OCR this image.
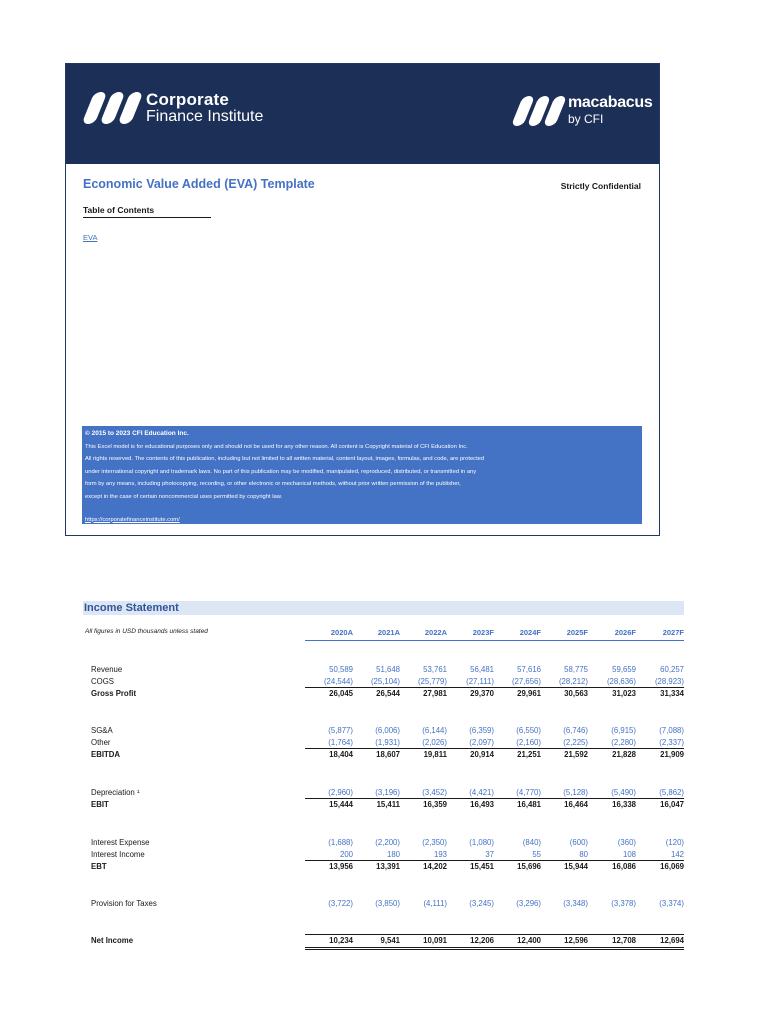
Corporate
Finance Institute
macabacus
by CFI
Economic Value Added (EVA) Template	Strictly Confidential
Table of Contents
EVA
© 2015 to 2023 CFI Education Inc.
This Excel model is for educational purposes only and should not be used for any other reason. All content is Copyright material of CFI Education Inc.
All rights reserved. The contents of this publication, including but not limited to all written material, content layout, images, formulas, and code, are protected
under international copyright and trademark laws. No part of this publication may be modified, manipulated, reproduced, distributed, or transmitted in any
form by any means, including photocopying, recording, or other electronic or mechanical methods, without prior written permission of the publisher,
except in the case of certain noncommercial uses permitted by copyright law.
https://corporatefinanceinstitute.com/
Income Statement
All figures in USD thousands unless stated	2020A	2021A	2022A	2023F	2024F	2025F	2026F	2027F
Revenue	50,589	51,648	53,761	56,481	57,616	58,775	59,659	60,257
COGS	(24,544)	(25,104)	(25,779)	(27,111)	(27,656)	(28,212)	(28,636)	(28,923)
Gross Profit	26,045	26,544	27,981	29,370	29,961	30,563	31,023	31,334
SG&A	(5,877)	(6,006)	(6,144)	(6,359)	(6,550)	(6,746)	(6,915)	(7,088)
Other	(1,764)	(1,931)	(2,026)	(2,097)	(2,160)	(2,225)	(2,280)	(2,337)
EBITDA	18,404	18,607	19,811	20,914	21,251	21,592	21,828	21,909
Depreciation ¹	(2,960)	(3,196)	(3,452)	(4,421)	(4,770)	(5,128)	(5,490)	(5,862)
EBIT	15,444	15,411	16,359	16,493	16,481	16,464	16,338	16,047
Interest Expense	(1,688)	(2,200)	(2,350)	(1,080)	(840)	(600)	(360)	(120)
Interest Income	200	180	193	37	55	80	108	142
EBT	13,956	13,391	14,202	15,451	15,696	15,944	16,086	16,069
Provision for Taxes	(3,722)	(3,850)	(4,111)	(3,245)	(3,296)	(3,348)	(3,378)	(3,374)
Net Income	10,234	9,541	10,091	12,206	12,400	12,596	12,708	12,694
